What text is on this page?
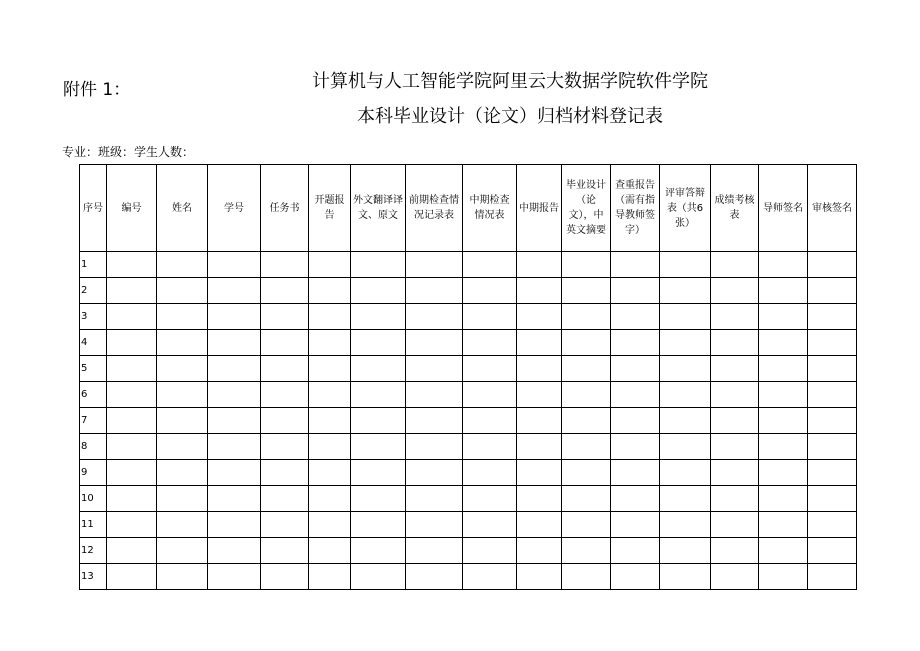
附件 1：	计算机与人工智能学院阿里云大数据学院软件学院
本科毕业设计（论文）归档材料登记表
专业：班级：学生人数：
序号	编号	姓名	学号	任务书	开题报告	外文翻译译文、原文	前期检查情况记录表	中期检查情况表	中期报告	毕业设计（论文），中英文摘要	查重报告（需有指导教师签字）	评审答辩表（共6张）	成绩考核表	导师签名	审核签名
1															
2															
3															
4															
5															
6															
7															
8															
9															
10															
11															
12															
13															
